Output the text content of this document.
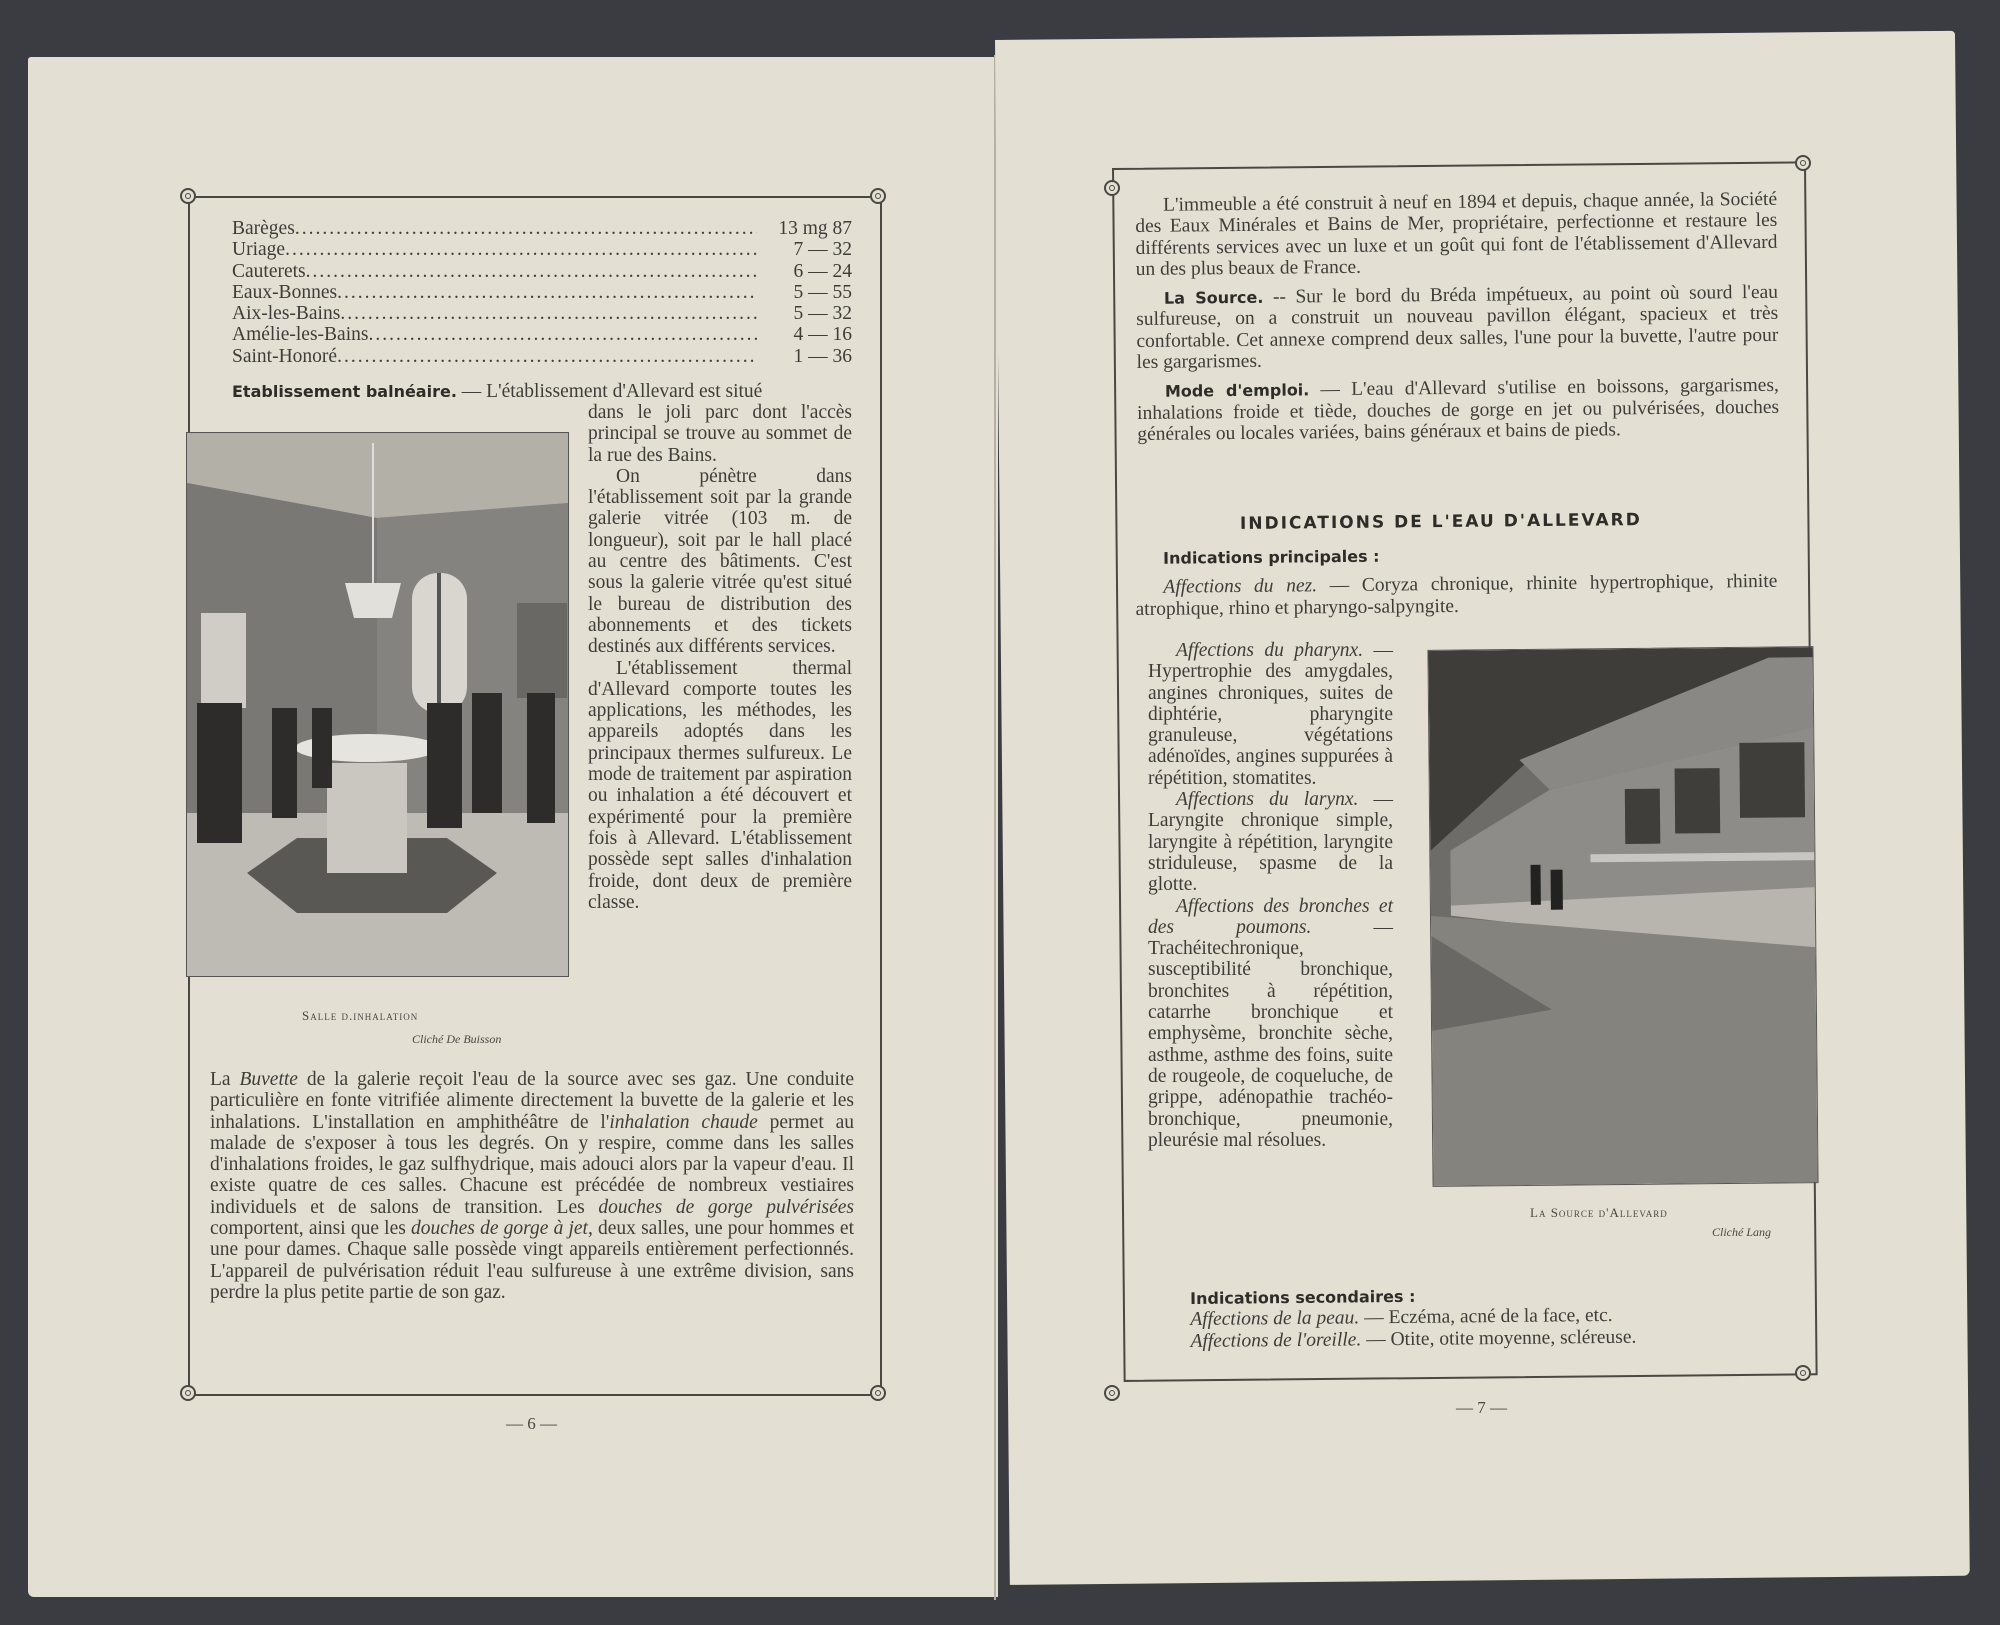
Barèges .....	13 mg 87
Uriage .....	7 — 32
Cauterets .....	6 — 24
Eaux-Bonnes .....	5 — 55
Aix-les-Bains .....	5 — 32
Amélie-les-Bains .....	4 — 16
Saint-Honoré .....	1 — 36
Etablissement balnéaire. — L'établissement d'Allevard est situé

dans le joli parc dont l'accès principal se trouve au sommet de la rue des Bains.

On pénètre dans l'établissement soit par la grande galerie vitrée (103 m. de longueur), soit par le hall placé au centre des bâtiments. C'est sous la galerie vitrée qu'est situé le bureau de distribution des abonnements et des tickets destinés aux différents services.

L'établissement thermal d'Allevard comporte toutes les applications, les méthodes, les appareils adoptés dans les principaux thermes sulfureux. Le mode de traitement par aspiration ou inhalation a été découvert et expérimenté pour la première fois à Allevard. L'établissement possède sept salles d'inhalation froide, dont deux de première classe.

Salle d.inhalation
Cliché De Buisson

La Buvette de la galerie reçoit l'eau de la source avec ses gaz. Une conduite particulière en fonte vitrifiée alimente directement la buvette de la galerie et les inhalations. L'installation en amphithéâtre de l'inhalation chaude permet au malade de s'exposer à tous les degrés. On y respire, comme dans les salles d'inhalations froides, le gaz sulfhydrique, mais adouci alors par la vapeur d'eau. Il existe quatre de ces salles. Chacune est précédée de nombreux vestiaires individuels et de salons de transition. Les douches de gorge pulvérisées comportent, ainsi que les douches de gorge à jet, deux salles, une pour hommes et une pour dames. Chaque salle possède vingt appareils entièrement perfectionnés. L'appareil de pulvérisation réduit l'eau sulfureuse à une extrême division, sans perdre la plus petite partie de son gaz.

— 6 —

L'immeuble a été construit à neuf en 1894 et depuis, chaque année, la Société des Eaux Minérales et Bains de Mer, propriétaire, perfectionne et restaure les différents services avec un luxe et un goût qui font de l'établissement d'Allevard un des plus beaux de France.

La Source. -- Sur le bord du Bréda impétueux, au point où sourd l'eau sulfureuse, on a construit un nouveau pavillon élégant, spacieux et très confortable. Cet annexe comprend deux salles, l'une pour la buvette, l'autre pour les gargarismes.

Mode d'emploi. — L'eau d'Allevard s'utilise en boissons, gargarismes, inhalations froide et tiède, douches de gorge en jet ou pulvérisées, douches générales ou locales variées, bains généraux et bains de pieds.

INDICATIONS DE L'EAU D'ALLEVARD

Indications principales :

Affections du nez. — Coryza chronique, rhinite hypertrophique, rhinite atrophique, rhino et pharyngo-salpyngite.

Affections du pharynx. — Hypertrophie des amygdales, angines chroniques, suites de diphtérie, pharyngite granuleuse, végétations adénoïdes, angines suppurées à répétition, stomatites.

Affections du larynx. — Laryngite chronique simple, laryngite à répétition, laryngite striduleuse, spasme de la glotte.

Affections des bronches et des poumons. — Trachéitechronique, susceptibilité bronchique, bronchites à répétition, catarrhe bronchique et emphysème, bronchite sèche, asthme, asthme des foins, suite de rougeole, de coqueluche, de grippe, adénopathie trachéo-bronchique, pneumonie, pleurésie mal résolues.

La Source d'Allevard
Cliché Lang

Indications secondaires :

Affections de la peau. — Eczéma, acné de la face, etc.

Affections de l'oreille. — Otite, otite moyenne, scléreuse.

— 7 —
